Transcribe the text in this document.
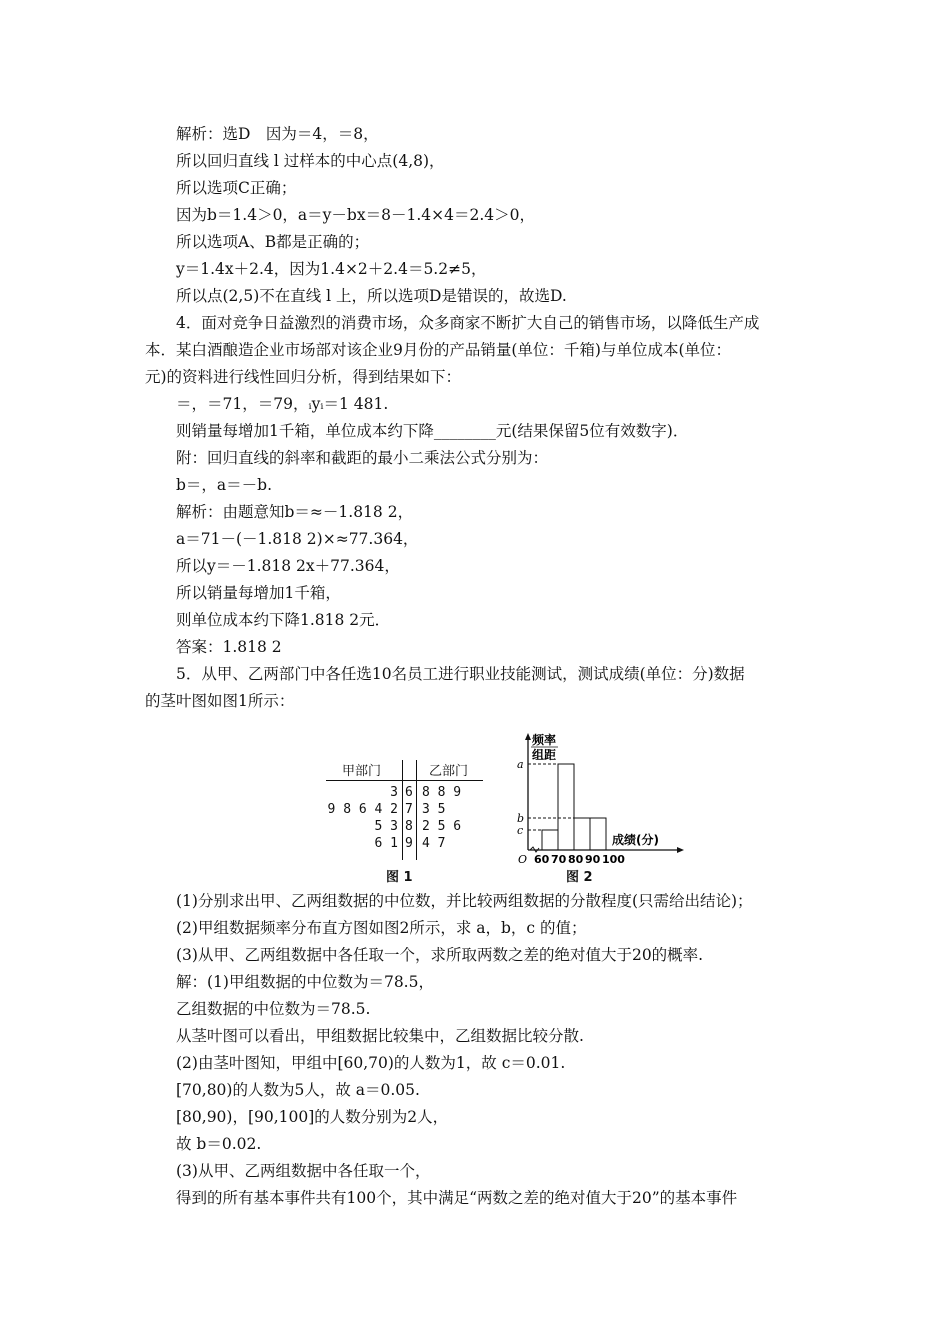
解析：选D　因为＝4，＝8，
所以回归直线 l 过样本的中心点(4,8)，
所以选项C正确；
因为b＝1.4＞0，a＝y－bx＝8－1.4×4＝2.4＞0，
所以选项A、B都是正确的；
y＝1.4x＋2.4，因为1.4×2＋2.4＝5.2≠5，
所以点(2,5)不在直线 l 上，所以选项D是错误的，故选D.
4．面对竞争日益激烈的消费市场，众多商家不断扩大自己的销售市场，以降低生产成
本．某白酒酿造企业市场部对该企业9月份的产品销量(单位：千箱)与单位成本(单位：
元)的资料进行线性回归分析，得到结果如下：
＝，＝71，＝79，ᵢyᵢ＝1 481.
则销量每增加1千箱，单位成本约下降________元(结果保留5位有效数字)．
附：回归直线的斜率和截距的最小二乘法公式分别为：
b＝，a＝－b.
解析：由题意知b＝≈－1.818 2，
a＝71－(－1.818 2)×≈77.364，
所以y＝－1.818 2x＋77.364，
所以销量每增加1千箱，
则单位成本约下降1.818 2元．
答案：1.818 2
5．从甲、乙两部门中各任选10名员工进行职业技能测试，测试成绩(单位：分)数据
的茎叶图如图1所示：
甲部门	乙部门
3 6 8 8 9
9 8 6 4 2 7 3 5
5 3 8 2 5 6
6 1 9 4 7
图 1
频率
组距
a
b
c
O 60 70 80 90 100
成绩(分)
图 2
(1)分别求出甲、乙两组数据的中位数，并比较两组数据的分散程度(只需给出结论)；
(2)甲组数据频率分布直方图如图2所示，求 a，b，c 的值；
(3)从甲、乙两组数据中各任取一个，求所取两数之差的绝对值大于20的概率.
解：(1)甲组数据的中位数为＝78.5，
乙组数据的中位数为＝78.5.
从茎叶图可以看出，甲组数据比较集中，乙组数据比较分散.
(2)由茎叶图知，甲组中[60,70)的人数为1，故 c＝0.01.
[70,80)的人数为5人，故 a＝0.05.
[80,90)，[90,100]的人数分别为2人，
故 b＝0.02.
(3)从甲、乙两组数据中各任取一个，
得到的所有基本事件共有100个，其中满足“两数之差的绝对值大于20”的基本事件
